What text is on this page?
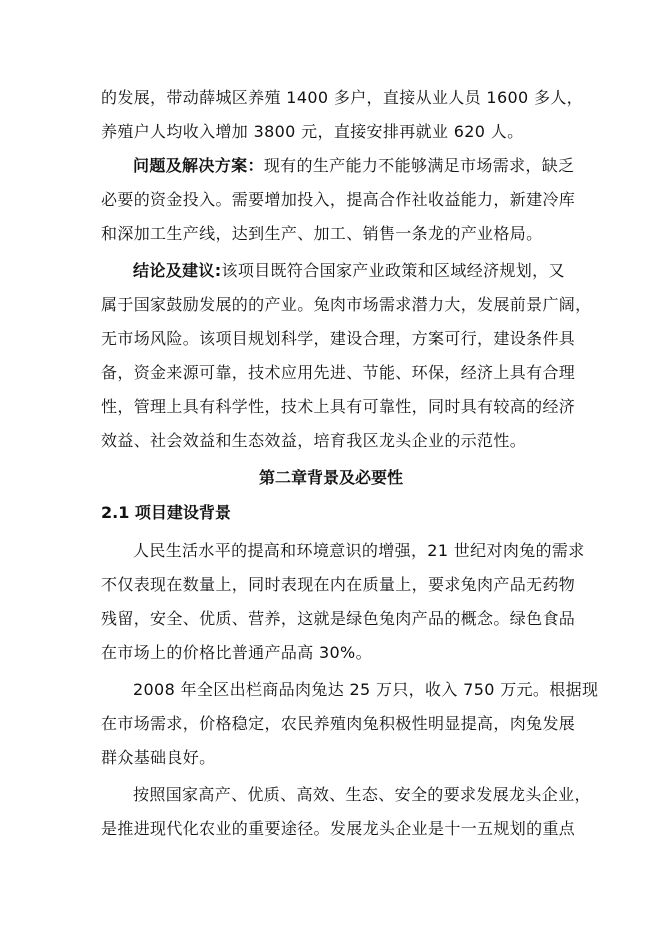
的发展，带动薛城区养殖 1400 多户，直接从业人员 1600 多人，
养殖户人均收入增加 3800 元，直接安排再就业 620 人。
问题及解决方案：现有的生产能力不能够满足市场需求，缺乏
必要的资金投入。需要增加投入，提高合作社收益能力，新建冷库
和深加工生产线，达到生产、加工、销售一条龙的产业格局。
结论及建议:该项目既符合国家产业政策和区域经济规划，又
属于国家鼓励发展的的产业。兔肉市场需求潜力大，发展前景广阔，
无市场风险。该项目规划科学，建设合理，方案可行，建设条件具
备，资金来源可靠，技术应用先进、节能、环保，经济上具有合理
性，管理上具有科学性，技术上具有可靠性，同时具有较高的经济
效益、社会效益和生态效益，培育我区龙头企业的示范性。
第二章背景及必要性
2.1 项目建设背景
人民生活水平的提高和环境意识的增强，21 世纪对肉兔的需求
不仅表现在数量上，同时表现在内在质量上，要求兔肉产品无药物
残留，安全、优质、营养，这就是绿色兔肉产品的概念。绿色食品
在市场上的价格比普通产品高 30%。
2008 年全区出栏商品肉兔达 25 万只，收入 750 万元。根据现
在市场需求，价格稳定，农民养殖肉兔积极性明显提高，肉兔发展
群众基础良好。
按照国家高产、优质、高效、生态、安全的要求发展龙头企业，
是推进现代化农业的重要途径。发展龙头企业是十一五规划的重点
